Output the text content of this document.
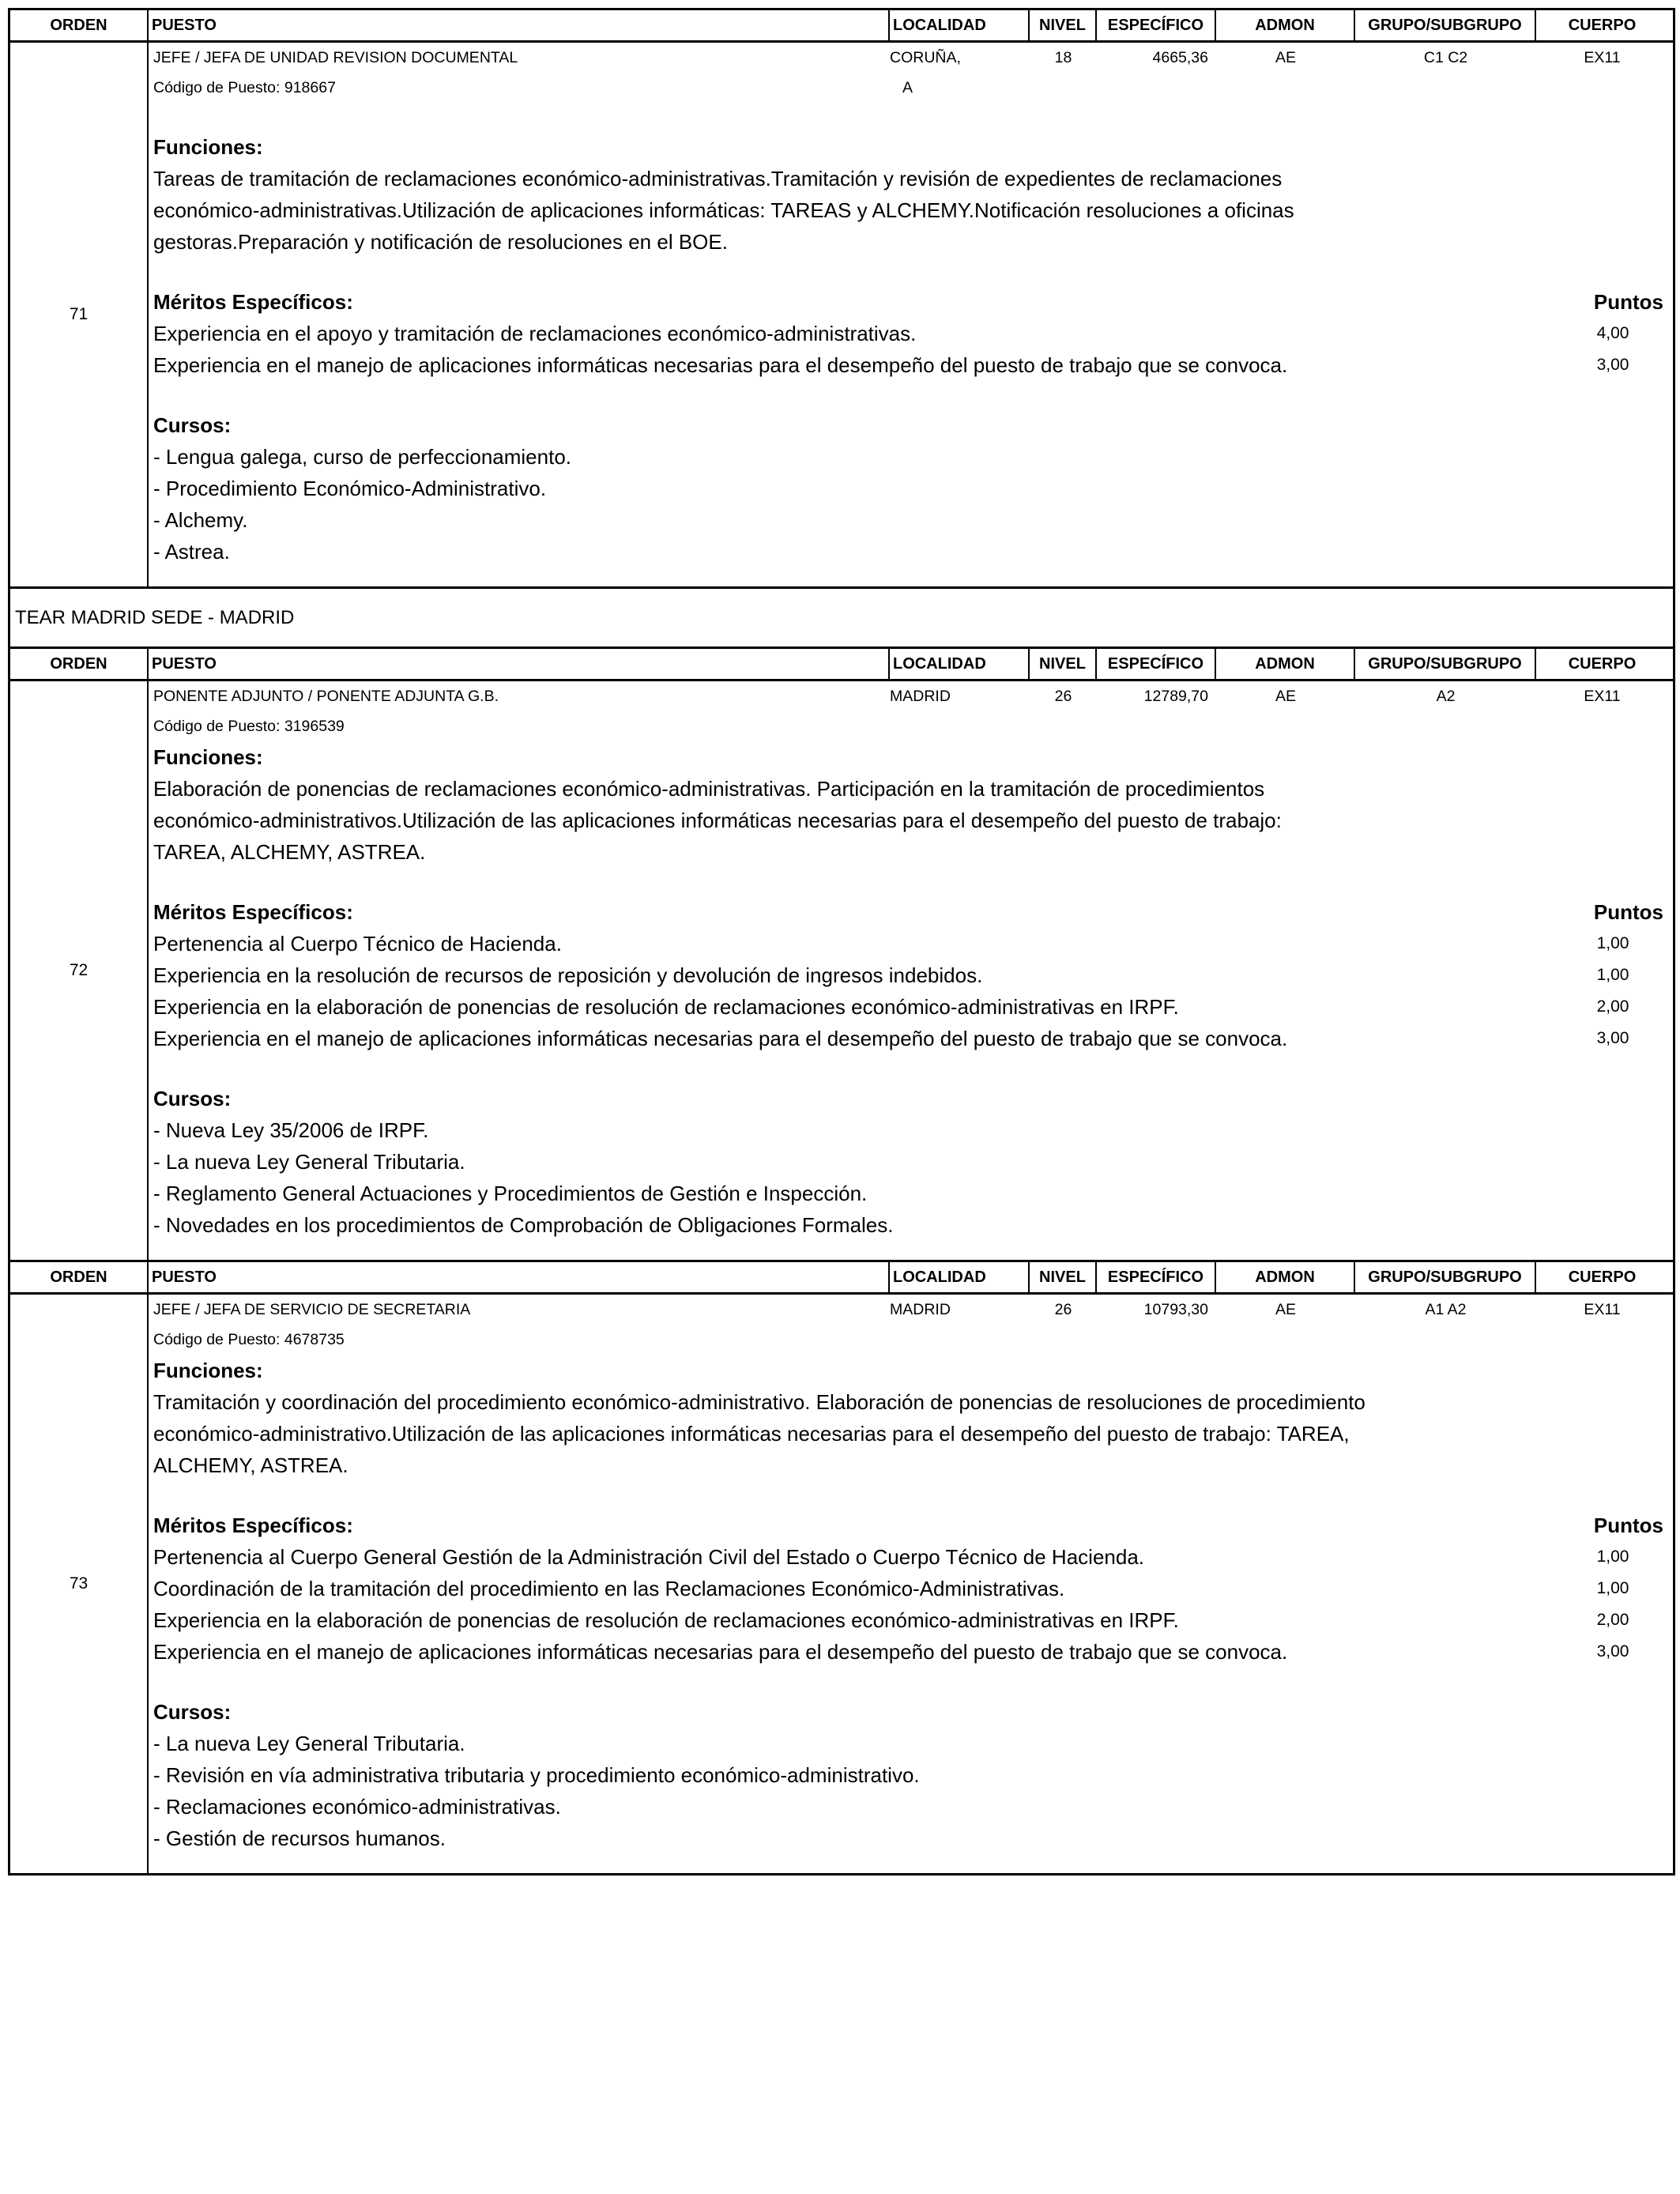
ORDEN	PUESTO	LOCALIDAD	NIVEL	ESPECÍFICO	ADMON	GRUPO/SUBGRUPO	CUERPO
71
JEFE / JEFA DE UNIDAD REVISION DOCUMENTAL	CORUÑA,	18	4665,36	AE	C1 C2	EX11
Código de Puesto: 918667	A
Funciones:
Tareas de tramitación de reclamaciones económico-administrativas.Tramitación y revisión de expedientes de reclamaciones
económico-administrativas.Utilización de aplicaciones informáticas: TAREAS y ALCHEMY.Notificación resoluciones a oficinas
gestoras.Preparación y notificación de resoluciones en el BOE.
Méritos Específicos:	Puntos
Experiencia en el apoyo y tramitación de reclamaciones económico-administrativas.	4,00
Experiencia en el manejo de aplicaciones informáticas necesarias para el desempeño del puesto de trabajo que se convoca.	3,00
Cursos:
- Lengua galega, curso de perfeccionamiento.
- Procedimiento Económico-Administrativo.
- Alchemy.
- Astrea.
TEAR MADRID SEDE - MADRID
ORDEN	PUESTO	LOCALIDAD	NIVEL	ESPECÍFICO	ADMON	GRUPO/SUBGRUPO	CUERPO
72
PONENTE ADJUNTO / PONENTE ADJUNTA G.B.	MADRID	26	12789,70	AE	A2	EX11
Código de Puesto: 3196539
Funciones:
Elaboración de ponencias de reclamaciones económico-administrativas. Participación en la tramitación de procedimientos
económico-administrativos.Utilización de las aplicaciones informáticas necesarias para el desempeño del puesto de trabajo:
TAREA, ALCHEMY, ASTREA.
Méritos Específicos:	Puntos
Pertenencia al Cuerpo Técnico de Hacienda.	1,00
Experiencia en la resolución de recursos de reposición y devolución de ingresos indebidos.	1,00
Experiencia en la elaboración de ponencias de resolución de reclamaciones económico-administrativas en IRPF.	2,00
Experiencia en el manejo de aplicaciones informáticas necesarias para el desempeño del puesto de trabajo que se convoca.	3,00
Cursos:
- Nueva Ley 35/2006 de IRPF.
- La nueva Ley General Tributaria.
- Reglamento General Actuaciones y Procedimientos de Gestión e Inspección.
- Novedades en los procedimientos de Comprobación de Obligaciones Formales.
ORDEN	PUESTO	LOCALIDAD	NIVEL	ESPECÍFICO	ADMON	GRUPO/SUBGRUPO	CUERPO
73
JEFE / JEFA DE SERVICIO DE SECRETARIA	MADRID	26	10793,30	AE	A1 A2	EX11
Código de Puesto: 4678735
Funciones:
Tramitación y coordinación del procedimiento económico-administrativo. Elaboración de ponencias de resoluciones de procedimiento
económico-administrativo.Utilización de las aplicaciones informáticas necesarias para el desempeño del puesto de trabajo: TAREA,
ALCHEMY, ASTREA.
Méritos Específicos:	Puntos
Pertenencia al Cuerpo General Gestión de la Administración Civil del Estado o Cuerpo Técnico de Hacienda.	1,00
Coordinación de la tramitación del procedimiento en las Reclamaciones Económico-Administrativas.	1,00
Experiencia en la elaboración de ponencias de resolución de reclamaciones económico-administrativas en IRPF.	2,00
Experiencia en el manejo de aplicaciones informáticas necesarias para el desempeño del puesto de trabajo que se convoca.	3,00
Cursos:
- La nueva Ley General Tributaria.
- Revisión en vía administrativa tributaria y procedimiento económico-administrativo.
- Reclamaciones económico-administrativas.
- Gestión de recursos humanos.
